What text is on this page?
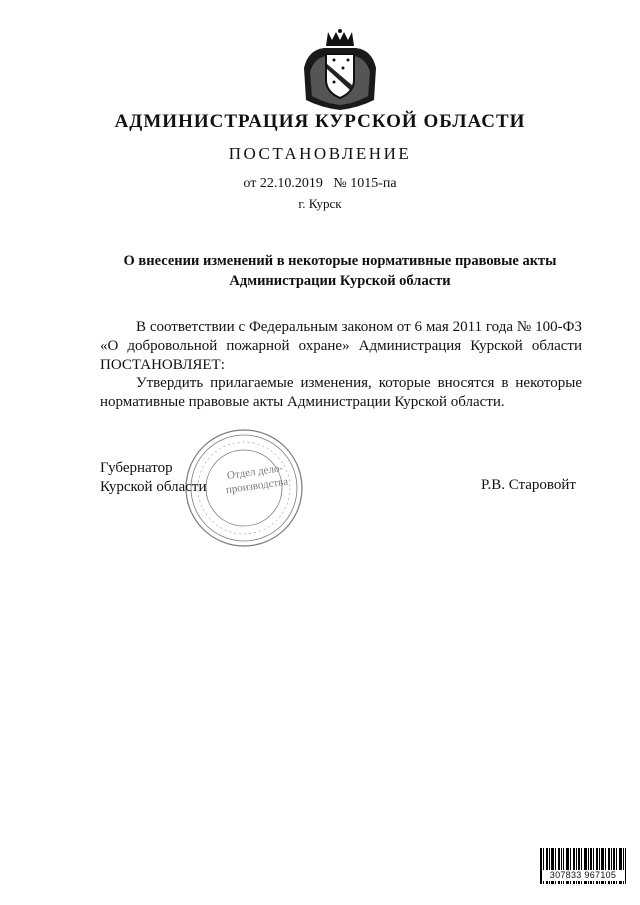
АДМИНИСТРАЦИЯ КУРСКОЙ ОБЛАСТИ
ПОСТАНОВЛЕНИЕ
от 22.10.2019   № 1015-па
г. Курск
О внесении изменений в некоторые нормативные правовые акты
Администрации Курской области
В соответствии с Федеральным законом от 6 мая 2011 года № 100-ФЗ «О добровольной пожарной охране» Администрация Курской области ПОСТАНОВЛЯЕТ:
Утвердить прилагаемые изменения, которые вносятся в некоторые нормативные правовые акты Администрации Курской области.
Отдел дело- производства
Губернатор
Курской области	Р.В. Старовойт
307833 967105
